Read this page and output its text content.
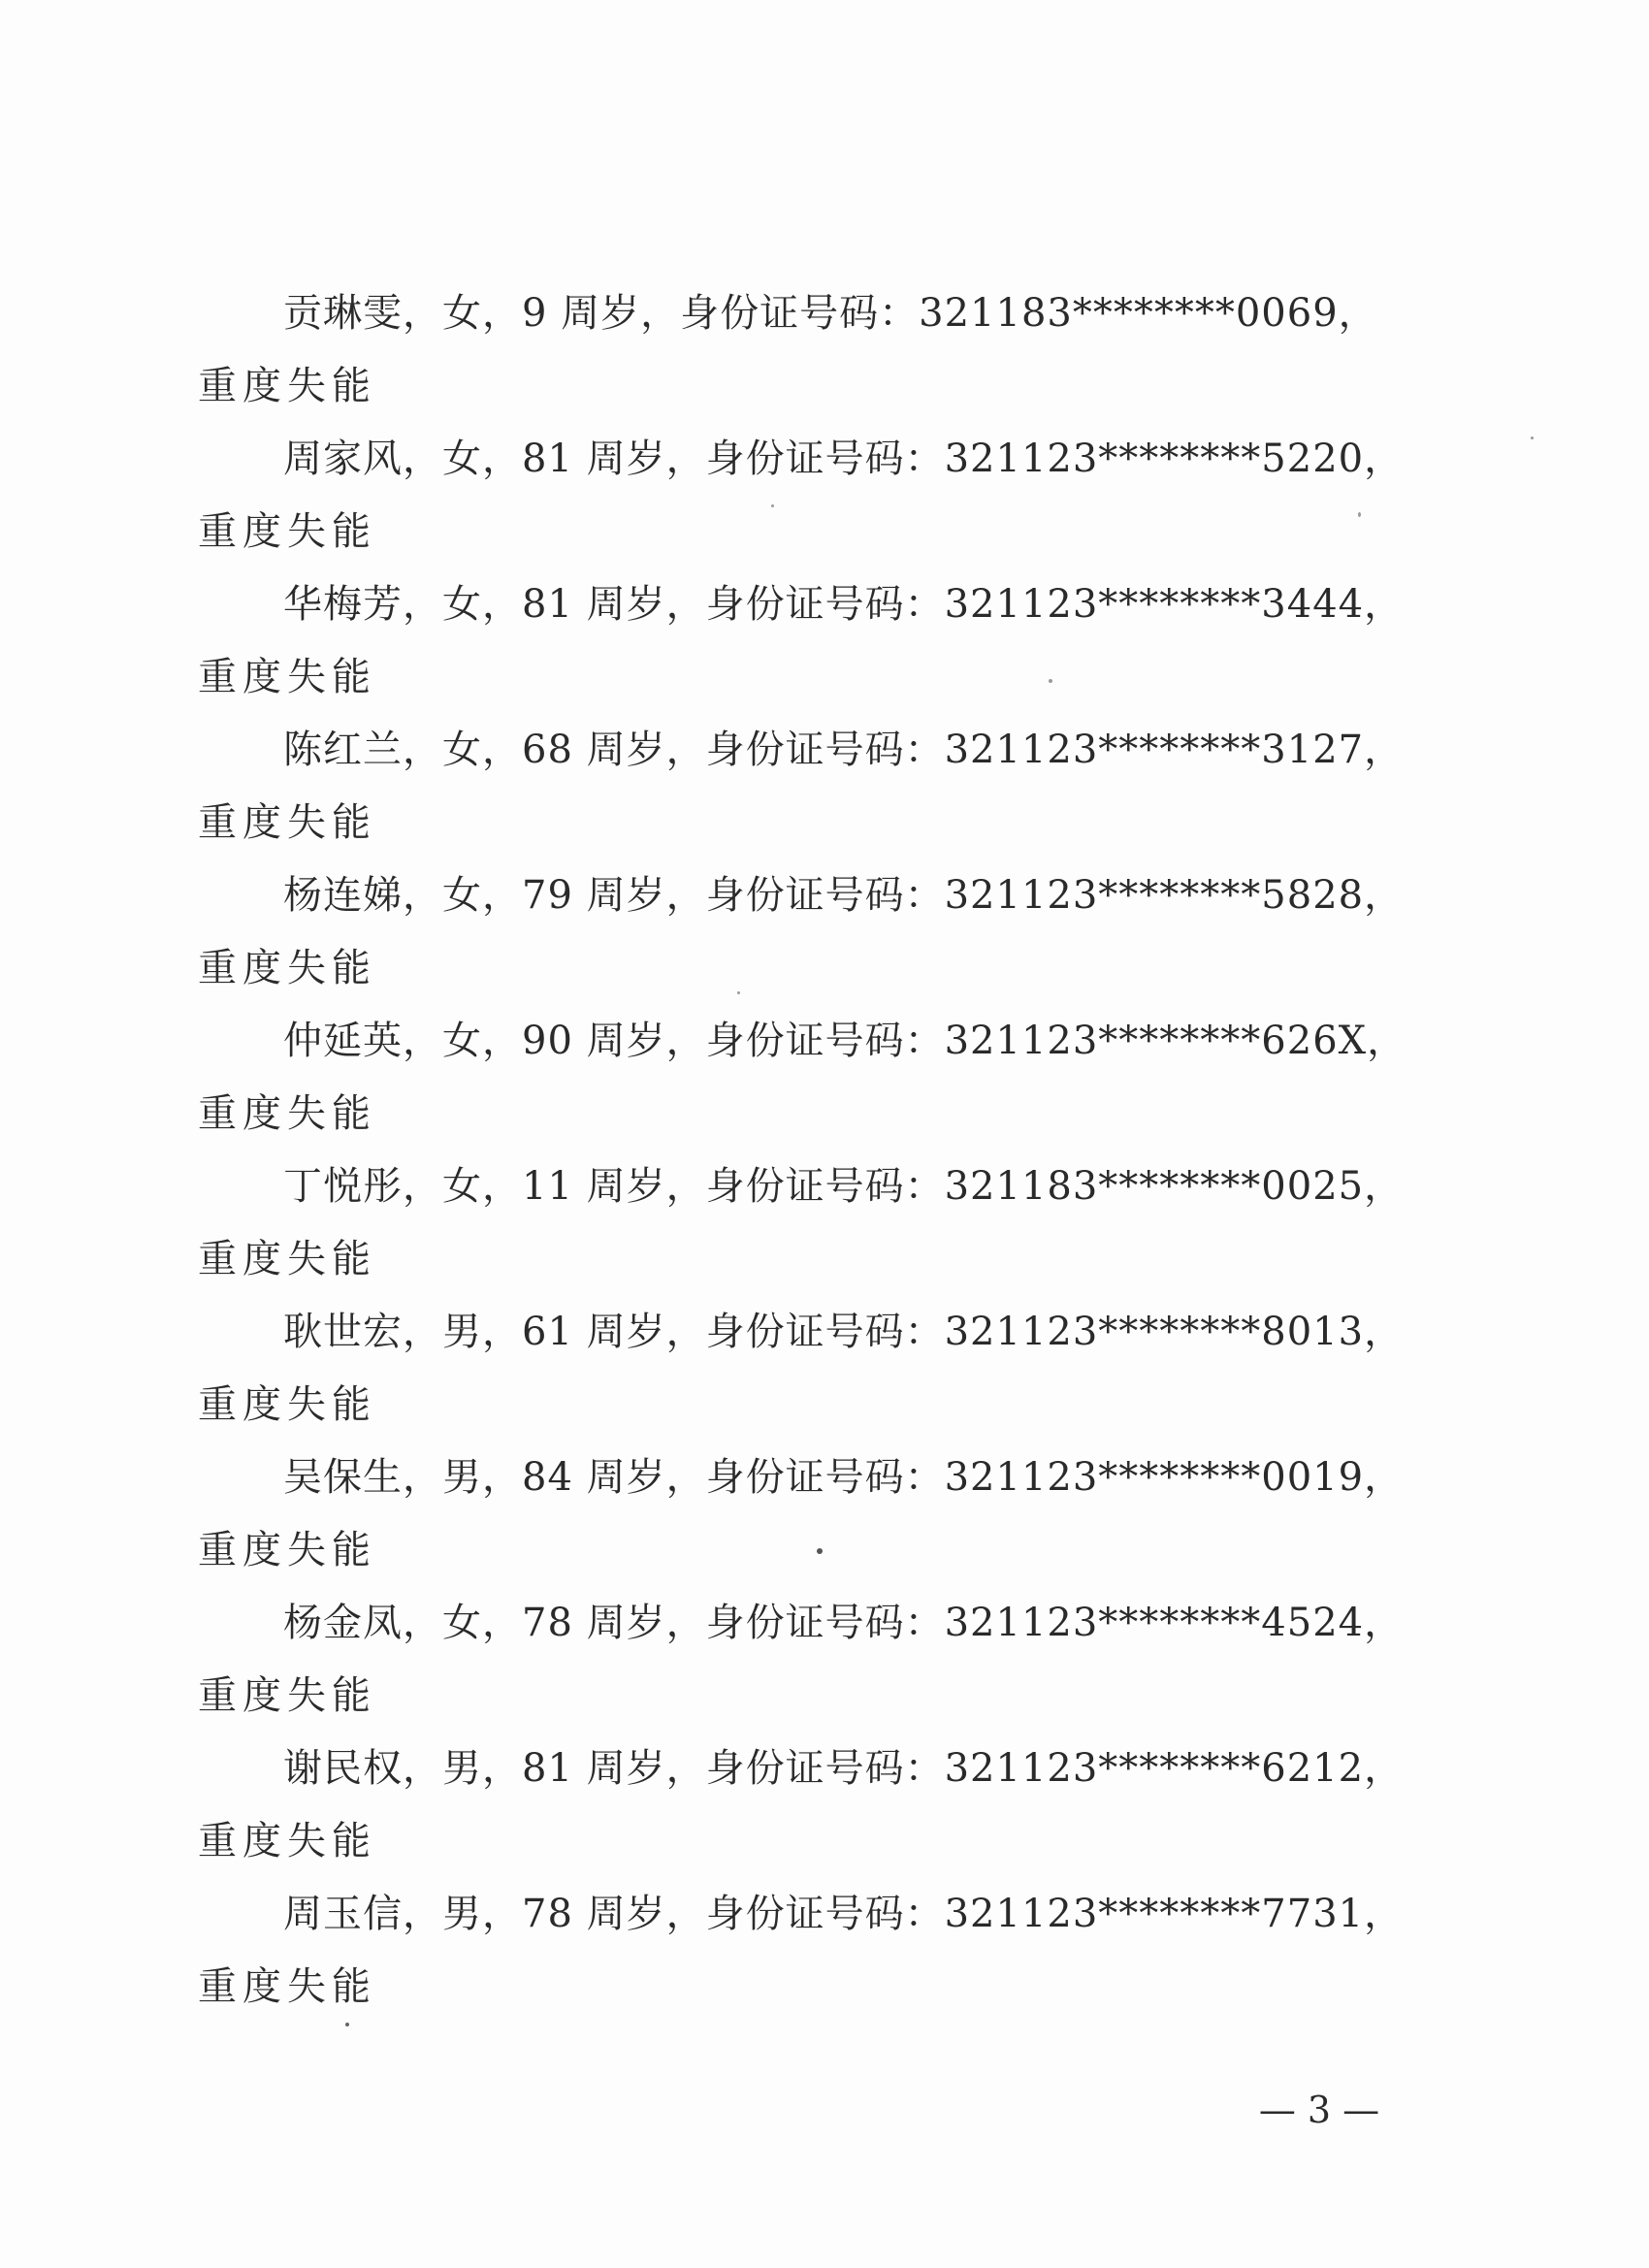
贡琳雯，女，9 周岁，身份证号码：321183********0069，
重度失能
周家风，女，81 周岁，身份证号码：321123********5220，
重度失能
华梅芳，女，81 周岁，身份证号码：321123********3444，
重度失能
陈红兰，女，68 周岁，身份证号码：321123********3127，
重度失能
杨连娣，女，79 周岁，身份证号码：321123********5828，
重度失能
仲延英，女，90 周岁，身份证号码：321123********626X，
重度失能
丁悦彤，女，11 周岁，身份证号码：321183********0025，
重度失能
耿世宏，男，61 周岁，身份证号码：321123********8013，
重度失能
吴保生，男，84 周岁，身份证号码：321123********0019，
重度失能
杨金凤，女，78 周岁，身份证号码：321123********4524，
重度失能
谢民权，男，81 周岁，身份证号码：321123********6212，
重度失能
周玉信，男，78 周岁，身份证号码：321123********7731，
重度失能
— 3 —
